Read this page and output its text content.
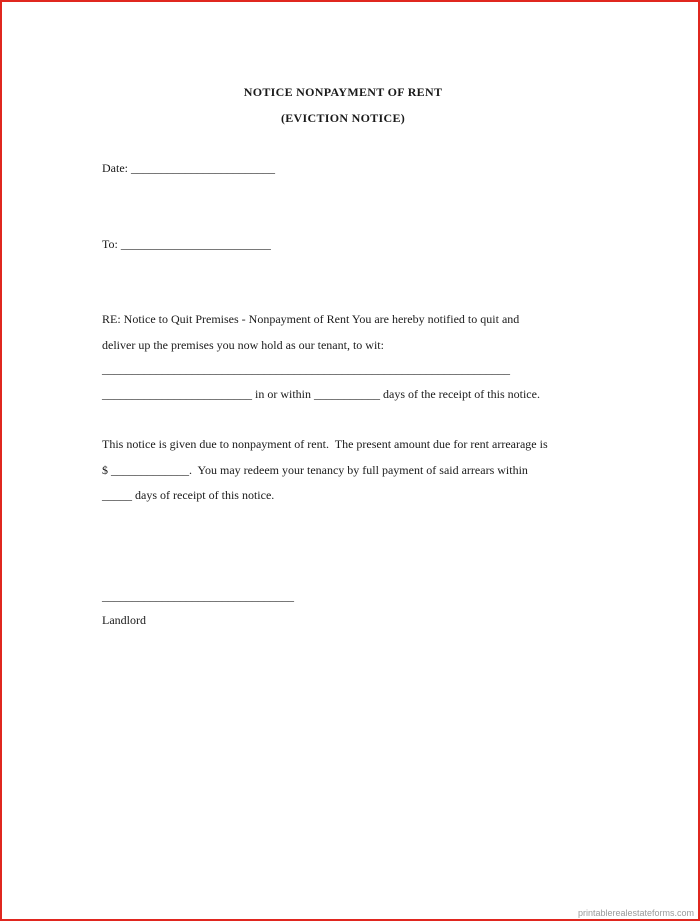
NOTICE NONPAYMENT OF RENT
(EVICTION NOTICE)
Date: ________________________
To: _________________________
RE: Notice to Quit Premises - Nonpayment of Rent You are hereby notified to quit and
deliver up the premises you now hold as our tenant, to wit:
____________________________________________________________________
_________________________ in or within ___________ days of the receipt of this notice.
This notice is given due to nonpayment of rent.  The present amount due for rent arrearage is
$ _____________.  You may redeem your tenancy by full payment of said arrears within
_____ days of receipt of this notice.
________________________________
Landlord
printablerealestateforms.com
